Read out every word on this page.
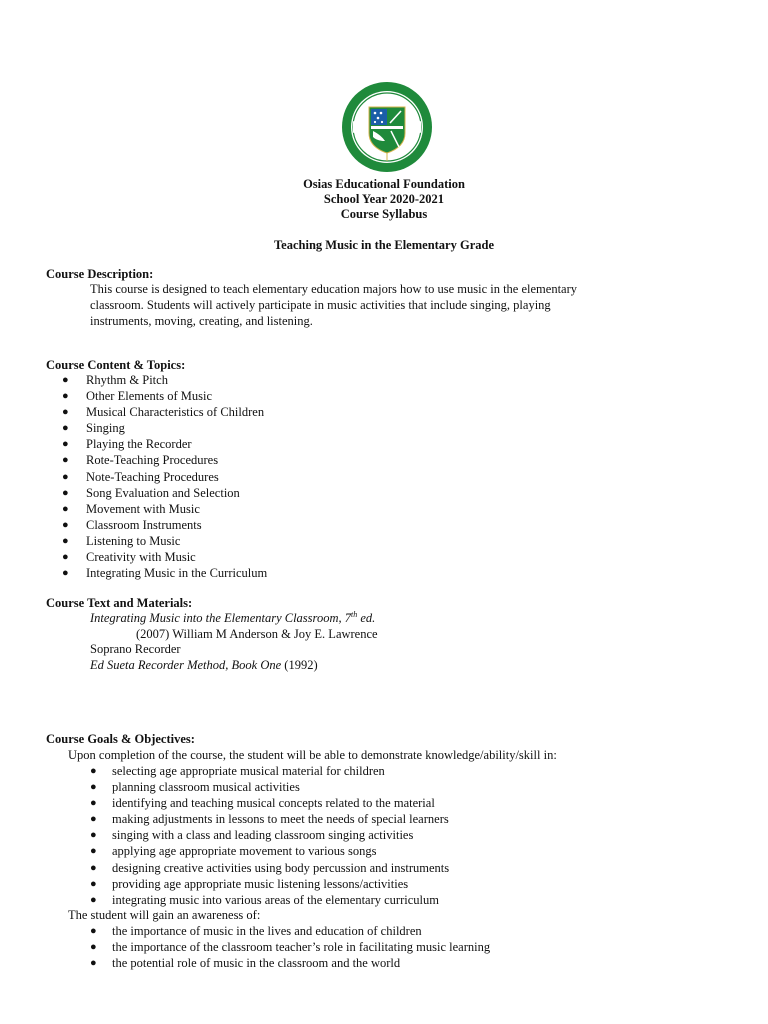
Osias Educational Foundation
School Year 2020-2021
Course Syllabus
Teaching Music in the Elementary Grade
Course Description:
This course is designed to teach elementary education majors how to use music in the elementary
classroom. Students will actively participate in music activities that include singing, playing
instruments, moving, creating, and listening.
Course Content & Topics:
● Rhythm & Pitch
● Other Elements of Music
● Musical Characteristics of Children
● Singing
● Playing the Recorder
● Rote-Teaching Procedures
● Note-Teaching Procedures
● Song Evaluation and Selection
● Movement with Music
● Classroom Instruments
● Listening to Music
● Creativity with Music
● Integrating Music in the Curriculum
Course Text and Materials:
Integrating Music into the Elementary Classroom, 7th ed.
(2007) William M Anderson & Joy E. Lawrence
Soprano Recorder
Ed Sueta Recorder Method, Book One (1992)
Course Goals & Objectives:
Upon completion of the course, the student will be able to demonstrate knowledge/ability/skill in:
● selecting age appropriate musical material for children
● planning classroom musical activities
● identifying and teaching musical concepts related to the material
● making adjustments in lessons to meet the needs of special learners
● singing with a class and leading classroom singing activities
● applying age appropriate movement to various songs
● designing creative activities using body percussion and instruments
● providing age appropriate music listening lessons/activities
● integrating music into various areas of the elementary curriculum
The student will gain an awareness of:
● the importance of music in the lives and education of children
● the importance of the classroom teacher’s role in facilitating music learning
● the potential role of music in the classroom and the world
